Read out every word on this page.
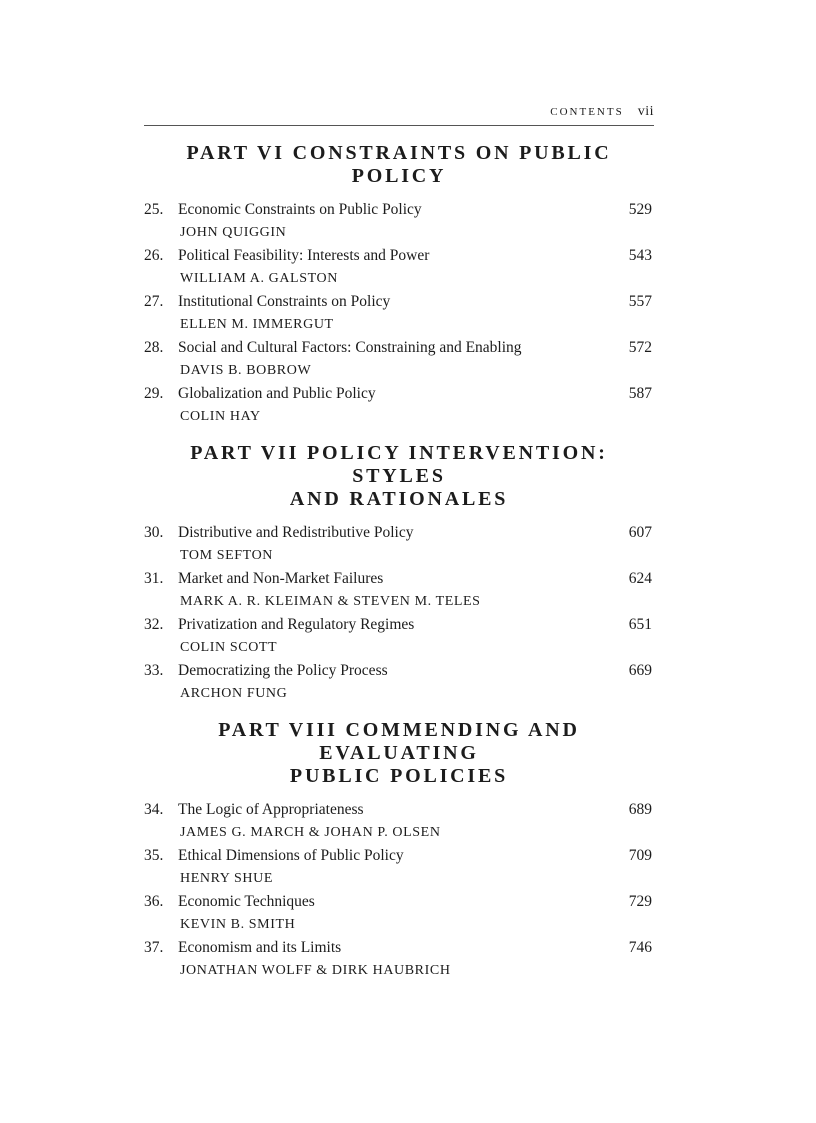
CONTENTS vii
PART VI CONSTRAINTS ON PUBLIC POLICY
25. Economic Constraints on Public Policy	529
JOHN QUIGGIN
26. Political Feasibility: Interests and Power	543
WILLIAM A. GALSTON
27. Institutional Constraints on Policy	557
ELLEN M. IMMERGUT
28. Social and Cultural Factors: Constraining and Enabling	572
DAVIS B. BOBROW
29. Globalization and Public Policy	587
COLIN HAY
PART VII POLICY INTERVENTION: STYLES
AND RATIONALES
30. Distributive and Redistributive Policy	607
TOM SEFTON
31. Market and Non-Market Failures	624
MARK A. R. KLEIMAN & STEVEN M. TELES
32. Privatization and Regulatory Regimes	651
COLIN SCOTT
33. Democratizing the Policy Process	669
ARCHON FUNG
PART VIII COMMENDING AND EVALUATING
PUBLIC POLICIES
34. The Logic of Appropriateness	689
JAMES G. MARCH & JOHAN P. OLSEN
35. Ethical Dimensions of Public Policy	709
HENRY SHUE
36. Economic Techniques	729
KEVIN B. SMITH
37. Economism and its Limits	746
JONATHAN WOLFF & DIRK HAUBRICH
